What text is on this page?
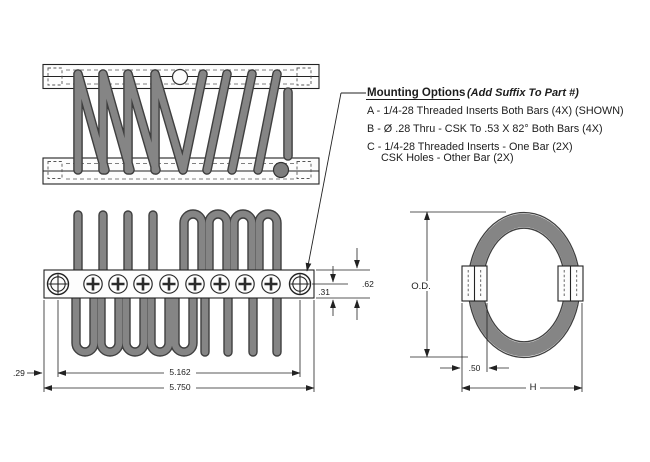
5.162
5.750
.29
.31
.62	O.D.
.50
H
Mounting Options (Add Suffix To Part #)
A - 1/4-28 Threaded Inserts Both Bars (4X) (SHOWN)
B - Ø .28 Thru - CSK To .53 X 82° Both Bars (4X)
C - 1/4-28 Threaded Inserts - One Bar (2X)
CSK Holes - Other Bar (2X)
